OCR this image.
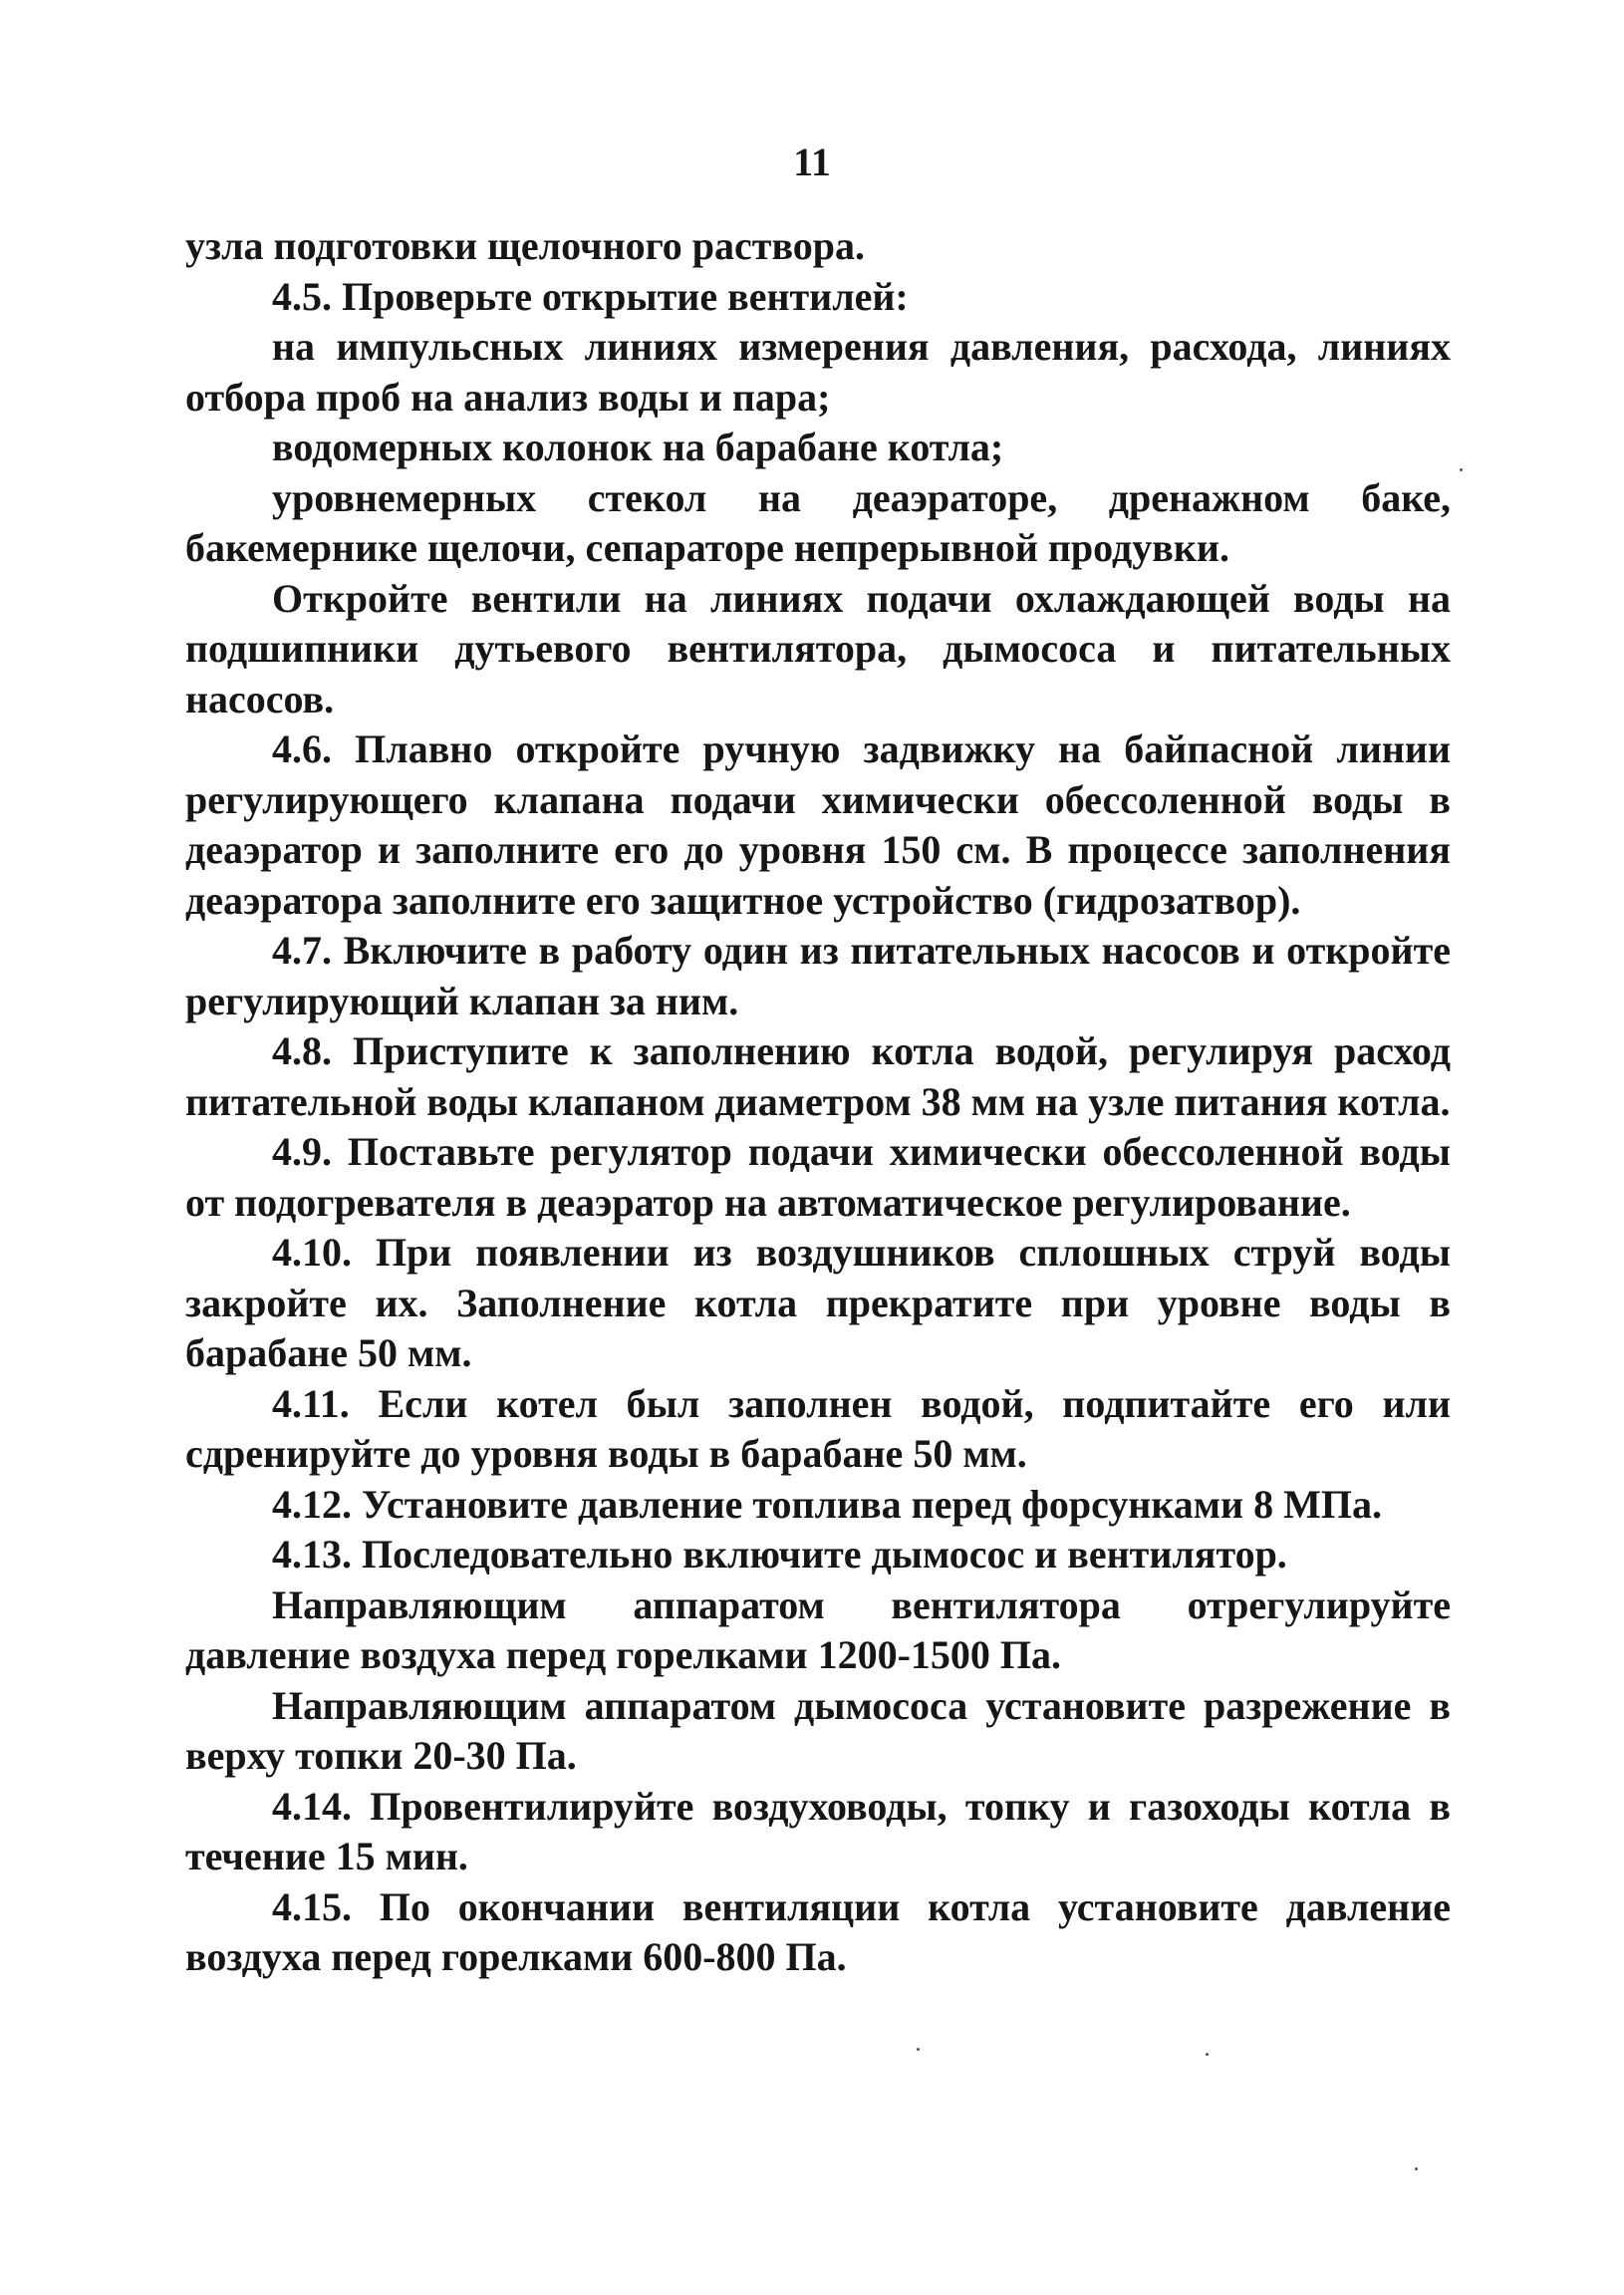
11

узла подготовки щелочного раствора.

4.5. Проверьте открытие вентилей:

на импульсных линиях измерения давления, расхода, линиях отбора проб на анализ воды и пара;

водомерных колонок на барабане котла;

уровнемерных стекол на деаэраторе, дренажном баке, бакемернике щелочи, сепараторе непрерывной продувки.

Откройте вентили на линиях подачи охлаждающей воды на подшипники дутьевого вентилятора, дымососа и питательных насосов.

4.6. Плавно откройте ручную задвижку на байпасной линии регулирующего клапана подачи химически обессоленной воды в деаэратор и заполните его до уровня 150 см. В процессе заполнения деаэратора заполните его защитное устройство (гидрозатвор).

4.7. Включите в работу один из питательных насосов и откройте регулирующий клапан за ним.

4.8. Приступите к заполнению котла водой, регулируя расход питательной воды клапаном диаметром 38 мм на узле питания котла.

4.9. Поставьте регулятор подачи химически обессоленной воды от подогревателя в деаэратор на автоматическое регулирование.

4.10. При появлении из воздушников сплошных струй воды закройте их. Заполнение котла прекратите при уровне воды в барабане 50 мм.

4.11. Если котел был заполнен водой, подпитайте его или сдренируйте до уровня воды в барабане 50 мм.

4.12. Установите давление топлива перед форсунками 8 МПа.

4.13. Последовательно включите дымосос и вентилятор.

Направляющим аппаратом вентилятора отрегулируйте давление воздуха перед горелками 1200-1500 Па.

Направляющим аппаратом дымососа установите разрежение в верху топки 20-30 Па.

4.14. Провентилируйте воздуховоды, топку и газоходы котла в течение 15 мин.

4.15. По окончании вентиляции котла установите давление воздуха перед горелками 600-800 Па.
